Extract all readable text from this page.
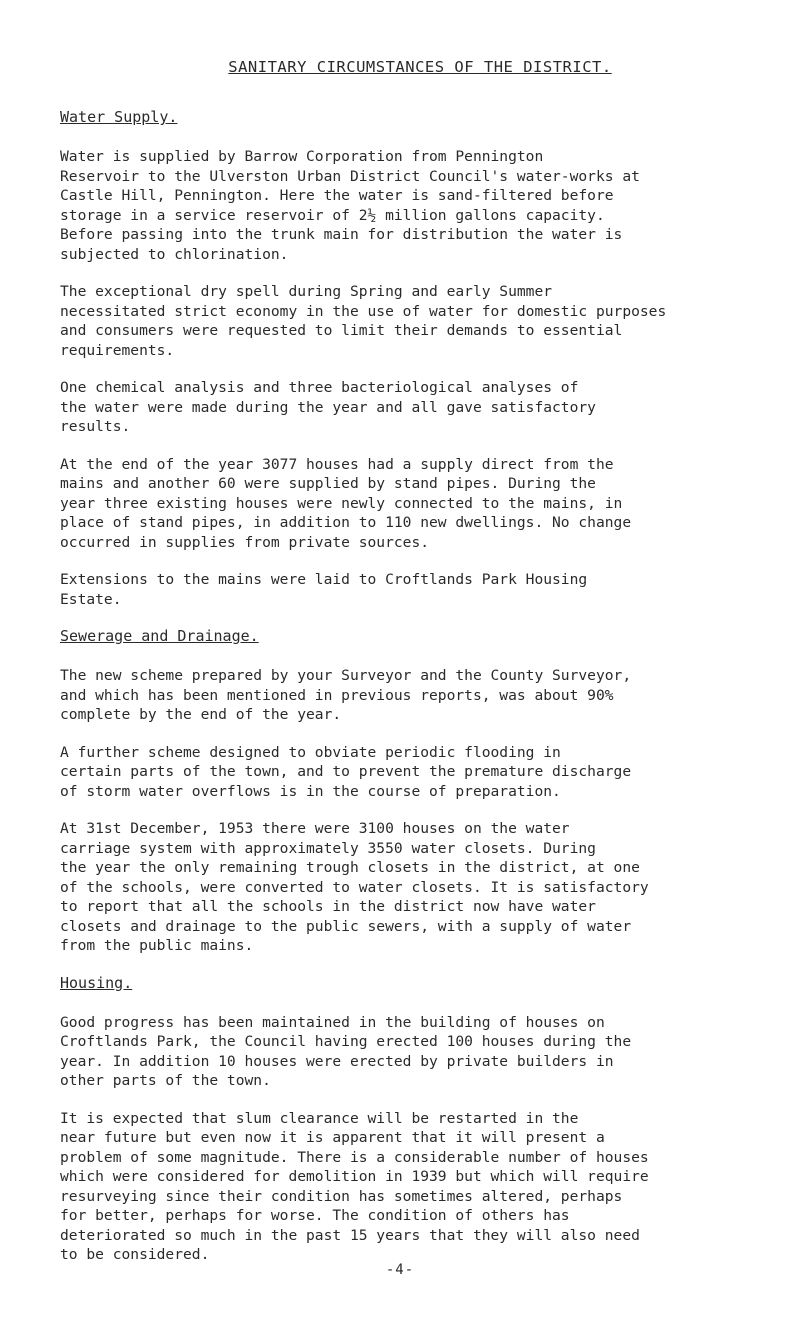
SANITARY CIRCUMSTANCES OF THE DISTRICT.
Water Supply.

Water is supplied by Barrow Corporation from Pennington
Reservoir to the Ulverston Urban District Council's water-works at
Castle Hill, Pennington. Here the water is sand-filtered before
storage in a service reservoir of 2½ million gallons capacity.
Before passing into the trunk main for distribution the water is
subjected to chlorination.

The exceptional dry spell during Spring and early Summer
necessitated strict economy in the use of water for domestic purposes
and consumers were requested to limit their demands to essential
requirements.

One chemical analysis and three bacteriological analyses of
the water were made during the year and all gave satisfactory
results.

At the end of the year 3077 houses had a supply direct from the
mains and another 60 were supplied by stand pipes. During the
year three existing houses were newly connected to the mains, in
place of stand pipes, in addition to 110 new dwellings. No change
occurred in supplies from private sources.

Extensions to the mains were laid to Croftlands Park Housing
Estate.

Sewerage and Drainage.

The new scheme prepared by your Surveyor and the County Surveyor,
and which has been mentioned in previous reports, was about 90%
complete by the end of the year.

A further scheme designed to obviate periodic flooding in
certain parts of the town, and to prevent the premature discharge
of storm water overflows is in the course of preparation.

At 31st December, 1953 there were 3100 houses on the water
carriage system with approximately 3550 water closets. During
the year the only remaining trough closets in the district, at one
of the schools, were converted to water closets. It is satisfactory
to report that all the schools in the district now have water
closets and drainage to the public sewers, with a supply of water
from the public mains.

Housing.

Good progress has been maintained in the building of houses on
Croftlands Park, the Council having erected 100 houses during the
year. In addition 10 houses were erected by private builders in
other parts of the town.

It is expected that slum clearance will be restarted in the
near future but even now it is apparent that it will present a
problem of some magnitude. There is a considerable number of houses
which were considered for demolition in 1939 but which will require
resurveying since their condition has sometimes altered, perhaps
for better, perhaps for worse. The condition of others has
deteriorated so much in the past 15 years that they will also need
to be considered.

-4-
